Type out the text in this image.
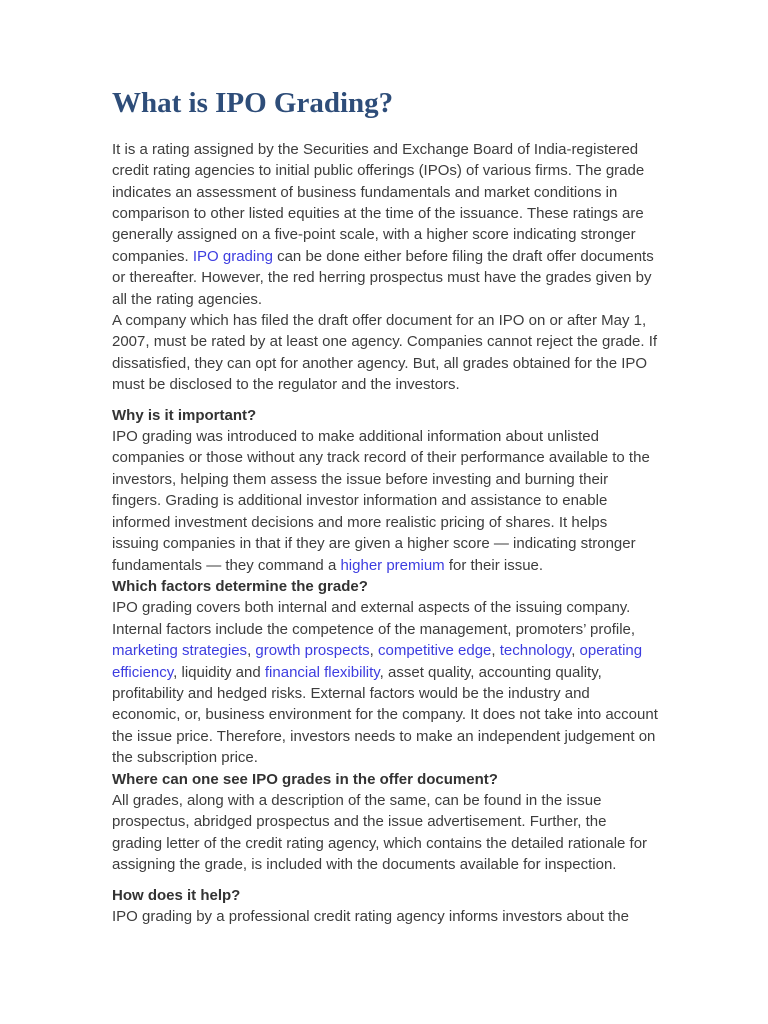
What is IPO Grading?

It is a rating assigned by the Securities and Exchange Board of India-registered credit rating agencies to initial public offerings (IPOs) of various firms. The grade indicates an assessment of business fundamentals and market conditions in comparison to other listed equities at the time of the issuance. These ratings are generally assigned on a five-point scale, with a higher score indicating stronger companies. IPO grading can be done either before filing the draft offer documents or thereafter. However, the red herring prospectus must have the grades given by all the rating agencies.

A company which has filed the draft offer document for an IPO on or after May 1, 2007, must be rated by at least one agency. Companies cannot reject the grade. If dissatisfied, they can opt for another agency. But, all grades obtained for the IPO must be disclosed to the regulator and the investors.

Why is it important?

IPO grading was introduced to make additional information about unlisted companies or those without any track record of their performance available to the investors, helping them assess the issue before investing and burning their fingers. Grading is additional investor information and assistance to enable informed investment decisions and more realistic pricing of shares. It helps issuing companies in that if they are given a higher score — indicating stronger fundamentals — they command a higher premium for their issue.

Which factors determine the grade?

IPO grading covers both internal and external aspects of the issuing company. Internal factors include the competence of the management, promoters’ profile, marketing strategies, growth prospects, competitive edge, technology, operating efficiency, liquidity and financial flexibility, asset quality, accounting quality, profitability and hedged risks. External factors would be the industry and economic, or, business environment for the company. It does not take into account the issue price. Therefore, investors needs to make an independent judgement on the subscription price.

Where can one see IPO grades in the offer document?

All grades, along with a description of the same, can be found in the issue prospectus, abridged prospectus and the issue advertisement. Further, the grading letter of the credit rating agency, which contains the detailed rationale for assigning the grade, is included with the documents available for inspection.

How does it help?

IPO grading by a professional credit rating agency informs investors about the
